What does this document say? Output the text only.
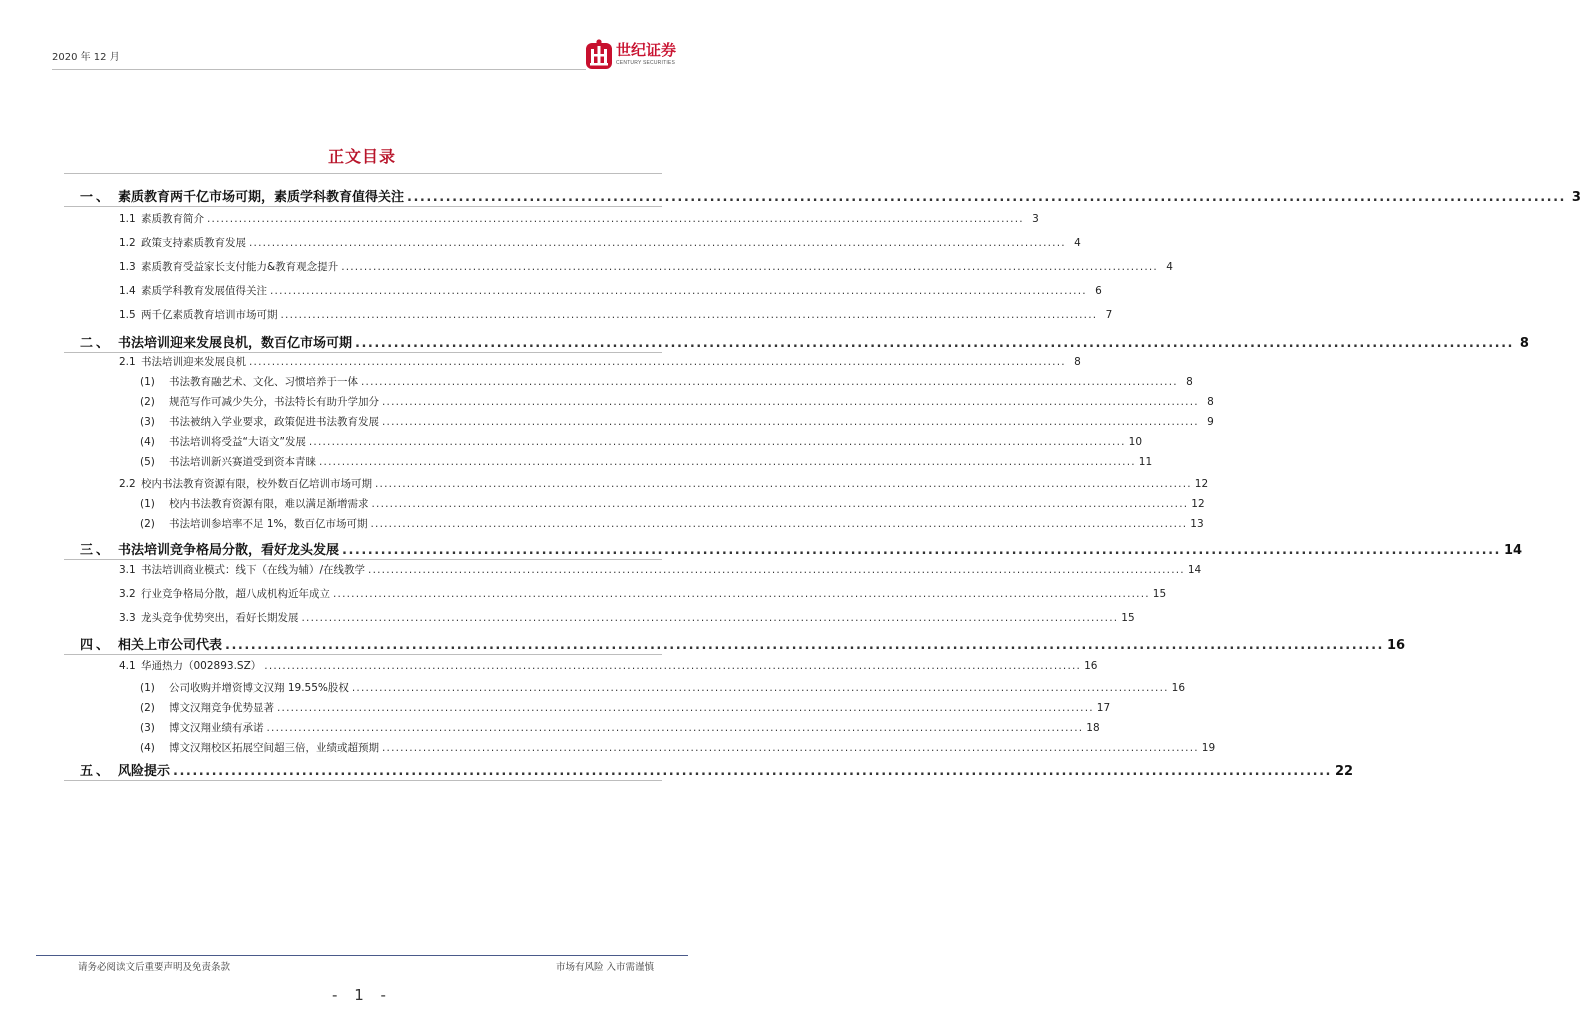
2020 年 12 月	世纪证券
CENTURY SECURITIES
正文目录
一、 素质教育两千亿市场可期，素质学科教育值得关注 .................................................................................................................................................................................... 3
1.1 素质教育简介 .................................................................................................................................................................................... 3
1.2 政策支持素质教育发展 .................................................................................................................................................................................... 4
1.3 素质教育受益家长支付能力&教育观念提升 .................................................................................................................................................................................... 4
1.4 素质学科教育发展值得关注 .................................................................................................................................................................................... 6
1.5 两千亿素质教育培训市场可期 .................................................................................................................................................................................... 7
二、 书法培训迎来发展良机，数百亿市场可期 .................................................................................................................................................................................... 8
2.1 书法培训迎来发展良机 .................................................................................................................................................................................... 8
(1)	书法教育融艺术、文化、习惯培养于一体 .................................................................................................................................................................................... 8
(2)	规范写作可减少失分，书法特长有助升学加分 .................................................................................................................................................................................... 8
(3)	书法被纳入学业要求，政策促进书法教育发展 .................................................................................................................................................................................... 9
(4)	书法培训将受益“大语文”发展 .................................................................................................................................................................................... 10
(5)	书法培训新兴赛道受到资本青睐 .................................................................................................................................................................................... 11
2.2 校内书法教育资源有限，校外数百亿培训市场可期 .................................................................................................................................................................................... 12
(1)	校内书法教育资源有限，难以满足渐增需求 .................................................................................................................................................................................... 12
(2)	书法培训参培率不足 1%，数百亿市场可期 .................................................................................................................................................................................... 13
三、 书法培训竞争格局分散，看好龙头发展 .................................................................................................................................................................................... 14
3.1 书法培训商业模式：线下（在线为辅）/在线教学 .................................................................................................................................................................................... 14
3.2 行业竞争格局分散，超八成机构近年成立 .................................................................................................................................................................................... 15
3.3 龙头竞争优势突出，看好长期发展 .................................................................................................................................................................................... 15
四、 相关上市公司代表 .................................................................................................................................................................................... 16
4.1 华通热力（002893.SZ） .................................................................................................................................................................................... 16
(1)	公司收购并增资博文汉翔 19.55%股权 .................................................................................................................................................................................... 16
(2)	博文汉翔竞争优势显著 .................................................................................................................................................................................... 17
(3)	博文汉翔业绩有承诺 .................................................................................................................................................................................... 18
(4)	博文汉翔校区拓展空间超三倍，业绩或超预期 .................................................................................................................................................................................... 19
五、 风险提示 .................................................................................................................................................................................... 22
请务必阅读文后重要声明及免责条款	市场有风险 入市需谨慎
- 1 -
